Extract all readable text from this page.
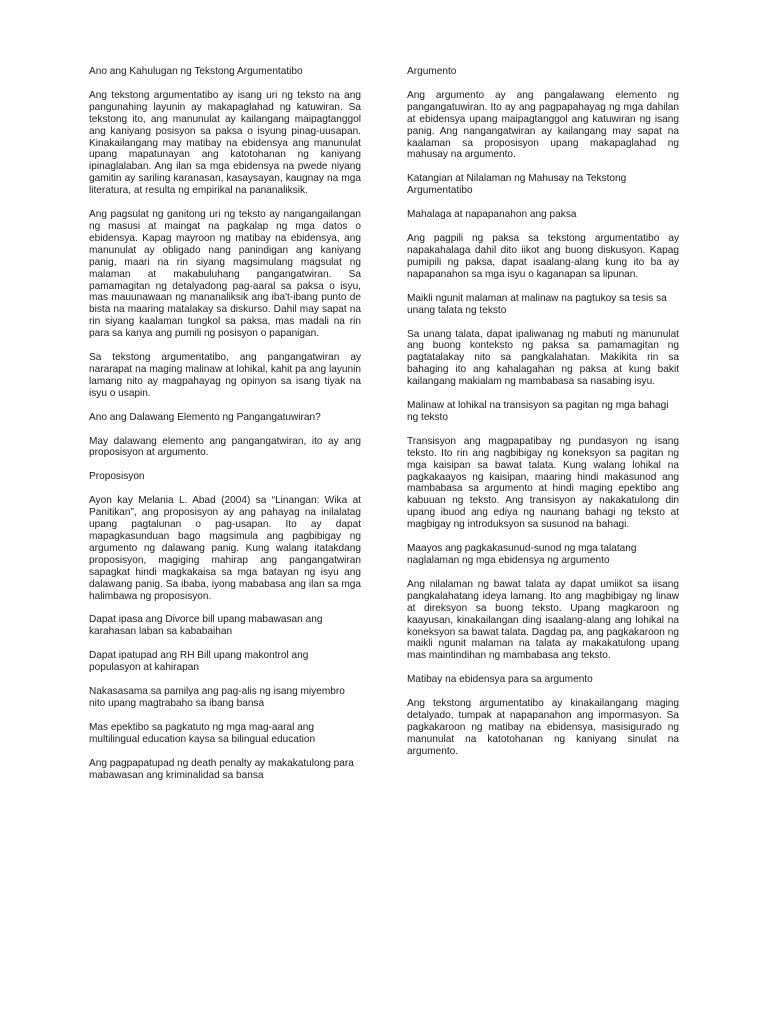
Ano ang Kahulugan ng Tekstong Argumentatibo

Ang tekstong argumentatibo ay isang uri ng teksto na ang pangunahing layunin ay makapaglahad ng katuwiran. Sa tekstong ito, ang manunulat ay kailangang maipagtanggol ang kaniyang posisyon sa paksa o isyung pinag-uusapan. Kinakailangang may matibay na ebidensya ang manunulat upang mapatunayan ang katotohanan ng kaniyang ipinaglalaban. Ang ilan sa mga ebidensya na pwede niyang gamitin ay sariling karanasan, kasaysayan, kaugnay na mga literatura, at resulta ng empirikal na pananaliksik.

Ang pagsulat ng ganitong uri ng teksto ay nangangailangan ng masusi at maingat na pagkalap ng mga datos o ebidensya. Kapag mayroon ng matibay na ebidensya, ang manunulat ay obligado nang panindigan ang kaniyang panig, maari na rin siyang magsimulang magsulat ng malaman at makabuluhang pangangatwiran. Sa pamamagitan ng detalyadong pag-aaral sa paksa o isyu, mas mauunawaan ng mananaliksik ang iba't-ibang punto de bista na maaring matalakay sa diskurso. Dahil may sapat na rin siyang kaalaman tungkol sa paksa, mas madali na rin para sa kanya ang pumili ng posisyon o papanigan.

Sa tekstong argumentatibo, ang pangangatwiran ay nararapat na maging malinaw at lohikal, kahit pa ang layunin lamang nito ay magpahayag ng opinyon sa isang tiyak na isyu o usapin.

Ano ang Dalawang Elemento ng Pangangatuwiran?

May dalawang elemento ang pangangatwiran, ito ay ang proposisyon at argumento.

Proposisyon

Ayon kay Melania L. Abad (2004) sa “Linangan: Wika at Panitikan”, ang proposisyon ay ang pahayag na inilalatag upang pagtalunan o pag-usapan. Ito ay dapat mapagkasunduan bago magsimula ang pagbibigay ng argumento ng dalawang panig. Kung walang itatakdang proposisyon, magiging mahirap ang pangangatwiran sapagkat hindi magkakaisa sa mga batayan ng isyu ang dalawang panig. Sa ibaba, iyong mababasa ang ilan sa mga halimbawa ng proposisyon.

Dapat ipasa ang Divorce bill upang mabawasan ang karahasan laban sa kababaihan

Dapat ipatupad ang RH Bill upang makontrol ang populasyon at kahirapan

Nakasasama sa pamilya ang pag-alis ng isang miyembro nito upang magtrabaho sa ibang bansa

Mas epektibo sa pagkatuto ng mga mag-aaral ang multilingual education kaysa sa bilingual education

Ang pagpapatupad ng death penalty ay makakatulong para mabawasan ang kriminalidad sa bansa

Argumento

Ang argumento ay ang pangalawang elemento ng pangangatuwiran. Ito ay ang pagpapahayag ng mga dahilan at ebidensya upang maipagtanggol ang katuwiran ng isang panig. Ang nangangatwiran ay kailangang may sapat na kaalaman sa proposisyon upang makapaglahad ng mahusay na argumento.

Katangian at Nilalaman ng Mahusay na Tekstong Argumentatibo

Mahalaga at napapanahon ang paksa

Ang pagpili ng paksa sa tekstong argumentatibo ay napakahalaga dahil dito iikot ang buong diskusyon. Kapag pumipili ng paksa, dapat isaalang-alang kung ito ba ay napapanahon sa mga isyu o kaganapan sa lipunan.

Maikli ngunit malaman at malinaw na pagtukoy sa tesis sa unang talata ng teksto

Sa unang talata, dapat ipaliwanag ng mabuti ng manunulat ang buong konteksto ng paksa sa pamamagitan ng pagtatalakay nito sa pangkalahatan. Makikita rin sa bahaging ito ang kahalagahan ng paksa at kung bakit kailangang makialam ng mambabasa sa nasabing isyu.

Malinaw at lohikal na transisyon sa pagitan ng mga bahagi ng teksto

Transisyon ang magpapatibay ng pundasyon ng isang teksto. Ito rin ang nagbibigay ng koneksyon sa pagitan ng mga kaisipan sa bawat talata. Kung walang lohikal na pagkakaayos ng kaisipan, maaring hindi makasunod ang mambabasa sa argumento at hindi maging epektibo ang kabuuan ng teksto. Ang transisyon ay nakakatulong din upang ibuod ang ediya ng naunang bahagi ng teksto at magbigay ng introduksyon sa susunod na bahagi.

Maayos ang pagkakasunud-sunod ng mga talatang naglalaman ng mga ebidensya ng argumento

Ang nilalaman ng bawat talata ay dapat umiikot sa iisang pangkalahatang ideya lamang. Ito ang magbibigay ng linaw at direksyon sa buong teksto. Upang magkaroon ng kaayusan, kinakailangan ding isaalang-alang ang lohikal na koneksyon sa bawat talata. Dagdag pa, ang pagkakaroon ng maikli ngunit malaman na talata ay makakatulong upang mas maintindihan ng mambabasa ang teksto.

Matibay na ebidensya para sa argumento

Ang tekstong argumentatibo ay kinakailangang maging detalyado, tumpak at napapanahon ang impormasyon. Sa pagkakaroon ng matibay na ebidensya, masisigurado ng manunulat na katotohanan ng kaniyang sinulat na argumento.
